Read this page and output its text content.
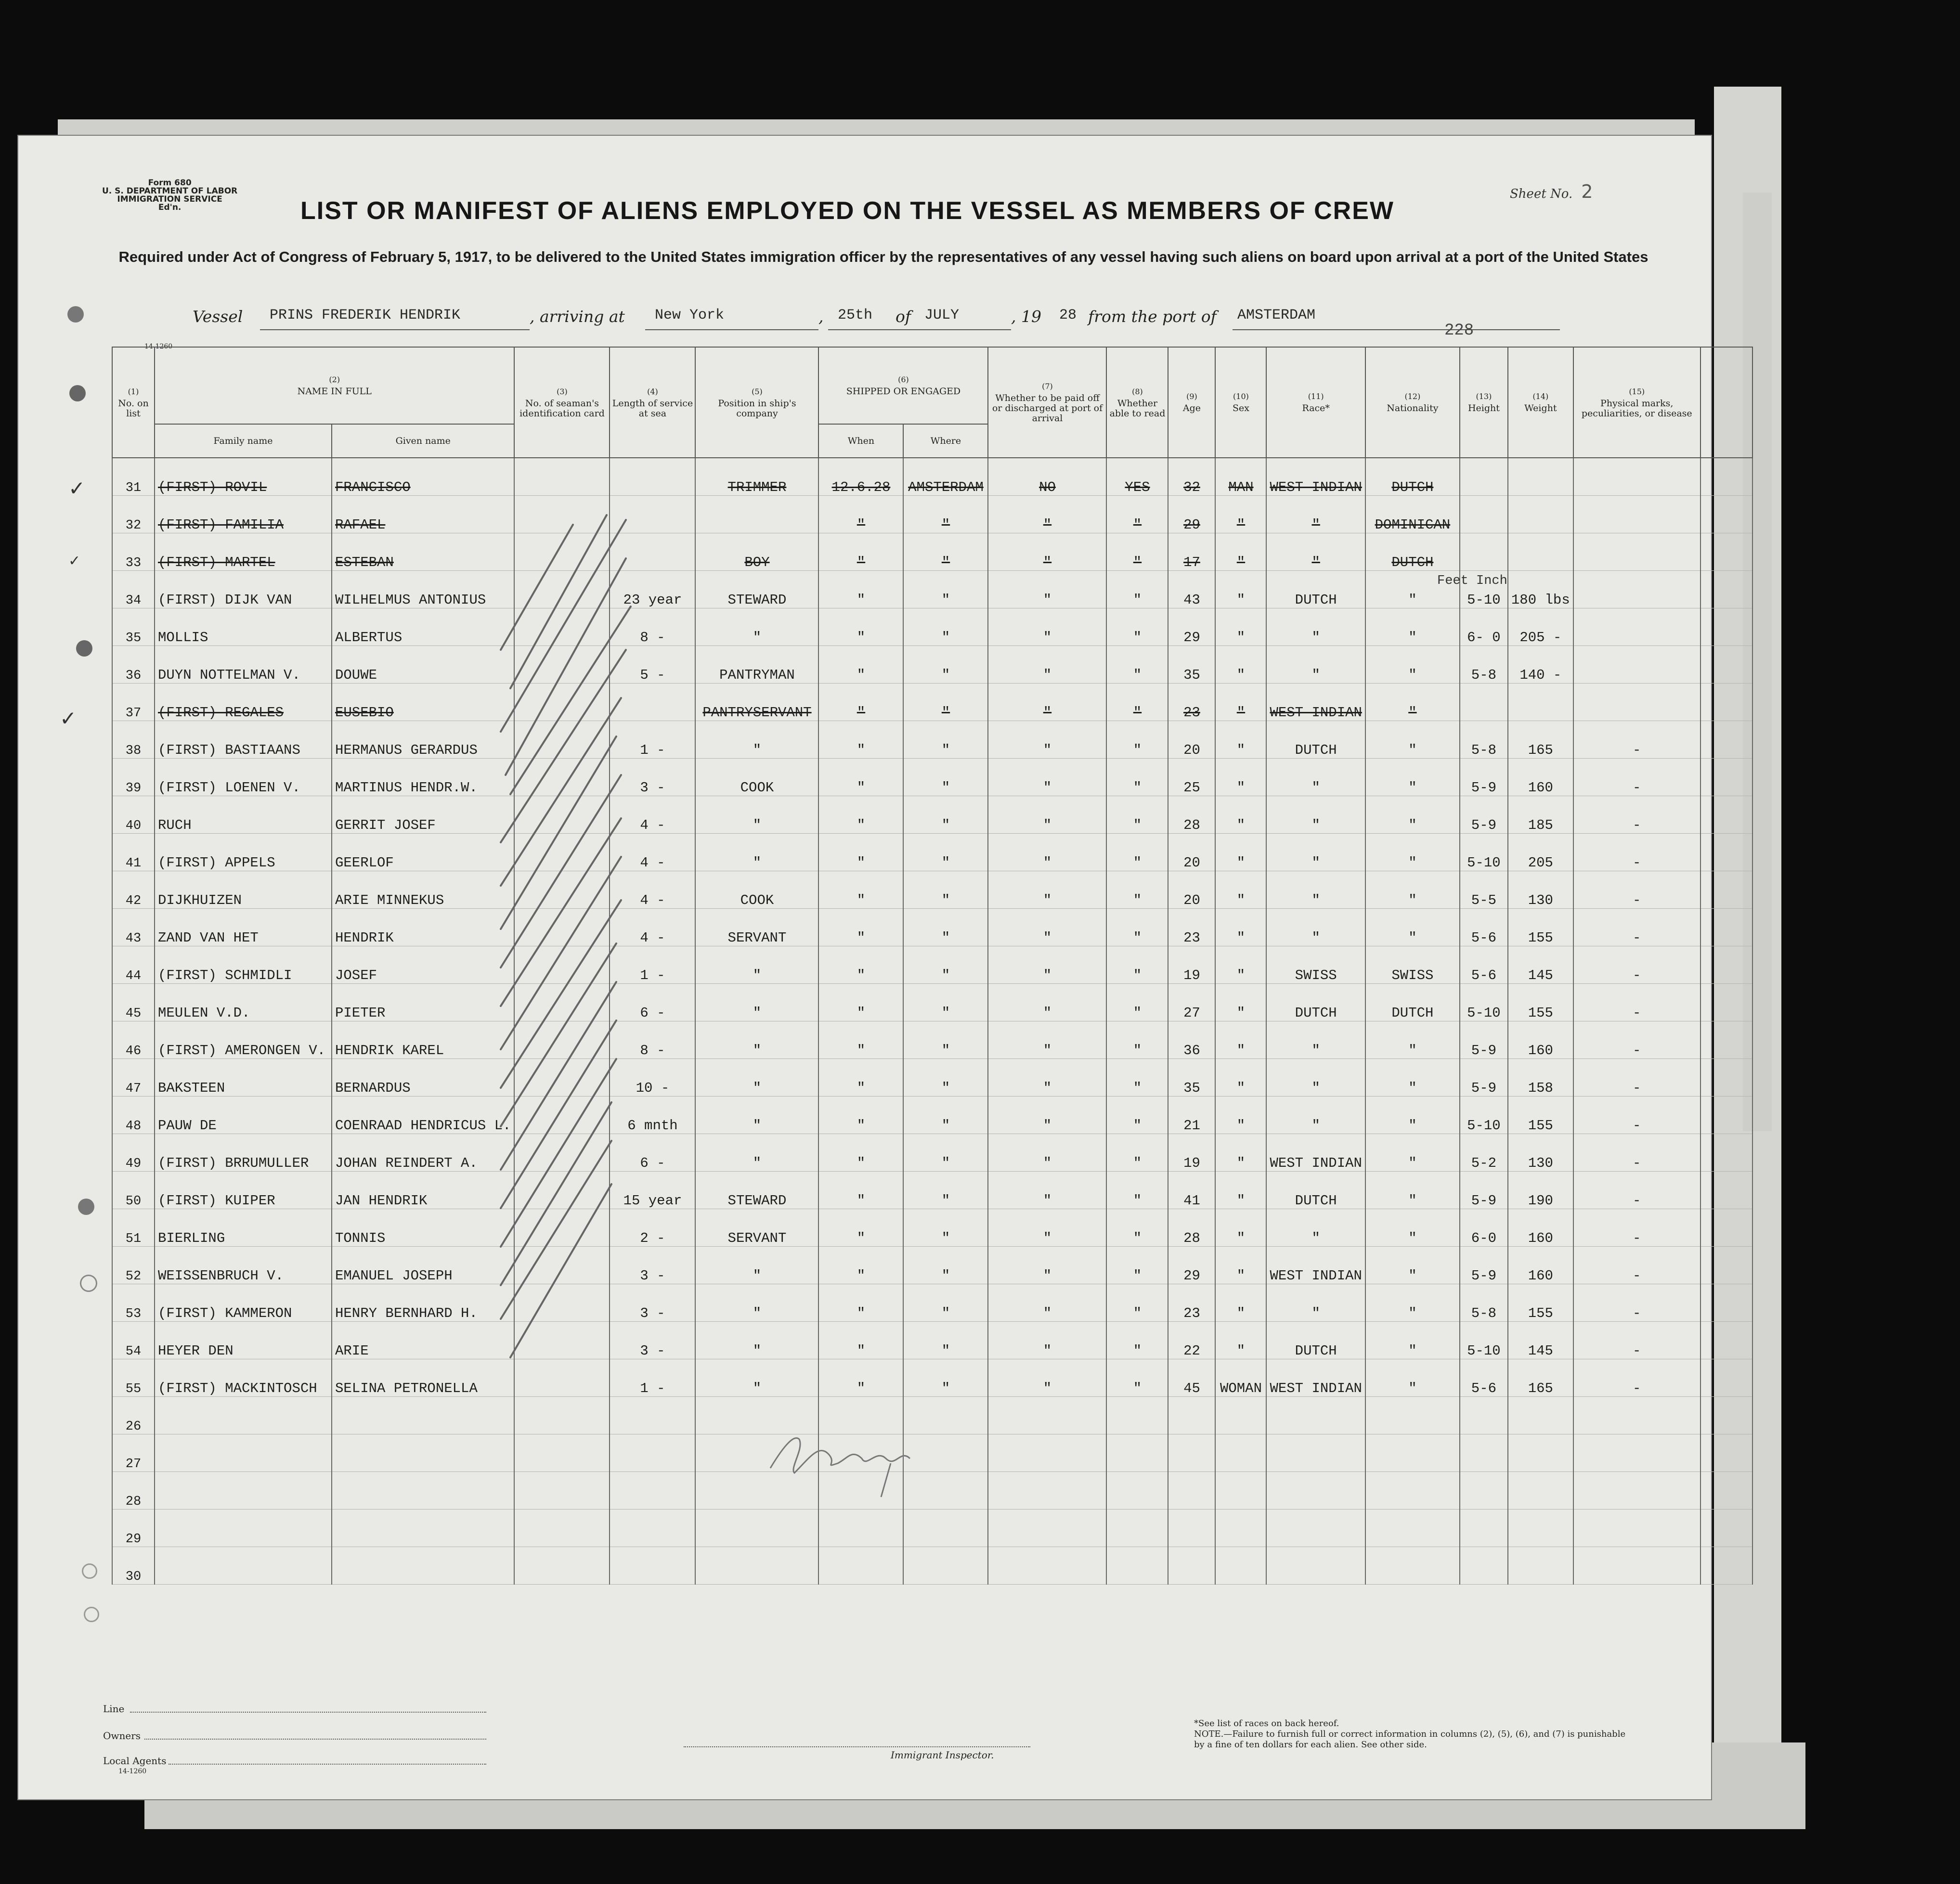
Form 680
U. S. DEPARTMENT OF LABOR
IMMIGRATION SERVICE
Ed'n.
Sheet No. 2
LIST OR MANIFEST OF ALIENS EMPLOYED ON THE VESSEL AS MEMBERS OF CREW
Required under Act of Congress of February 5, 1917, to be delivered to the United States immigration officer by the representatives of any vessel having such aliens on board upon arrival at a port of the United States
Vessel PRINS FREDERIK HENDRIK	, arriving at New York	, 25th of JULY	, 19 28 from the port of AMSTERDAM
228
14-1260
(1)
No. on list	(2)
NAME IN FULL		(3)
No. of seaman's identification card	(4)
Length of service at sea	(5)
Position in ship's company	(6)
SHIPPED OR ENGAGED		(7)
Whether to be paid off or discharged at port of arrival	(8)
Whether able to read	(9)
Age	(10)
Sex	(11)
Race*	(12)
Nationality	(13)
Height	(14)
Weight	(15)
Physical marks, peculiarities, or disease	
	Family name	Given name				When	Where										
31	(FIRST) ROVIL	FRANCISCO			TRIMMER	12.6.28	AMSTERDAM	NO	YES	32	MAN	WEST INDIAN	DUTCH				
32	(FIRST) FAMILIA	RAFAEL				"	"	"	"	29	"	"	DOMINICAN				
33	(FIRST) MARTEL	ESTEBAN			BOY	"	"	"	"	17	"	"	DUTCH				
34	(FIRST) DIJK VAN	WILHELMUS ANTONIUS		23 year	STEWARD	"	"	"	"	43	"	DUTCH	"	5-10	180 lbs		
35	MOLLIS	ALBERTUS		8 -	"	"	"	"	"	29	"	"	"	6- 0	205 -		
36	DUYN NOTTELMAN V.	DOUWE		5 -	PANTRYMAN	"	"	"	"	35	"	"	"	5-8	140 -		
37	(FIRST) REGALES	EUSEBIO			PANTRYSERVANT	"	"	"	"	23	"	WEST INDIAN	"				
38	(FIRST) BASTIAANS	HERMANUS GERARDUS		1 -	"	"	"	"	"	20	"	DUTCH	"	5-8	165	-	
39	(FIRST) LOENEN V.	MARTINUS HENDR.W.		3 -	COOK	"	"	"	"	25	"	"	"	5-9	160	-	
40	RUCH	GERRIT JOSEF		4 -	"	"	"	"	"	28	"	"	"	5-9	185	-	
41	(FIRST) APPELS	GEERLOF		4 -	"	"	"	"	"	20	"	"	"	5-10	205	-	
42	DIJKHUIZEN	ARIE MINNEKUS		4 -	COOK	"	"	"	"	20	"	"	"	5-5	130	-	
43	ZAND VAN HET	HENDRIK		4 -	SERVANT	"	"	"	"	23	"	"	"	5-6	155	-	
44	(FIRST) SCHMIDLI	JOSEF		1 -	"	"	"	"	"	19	"	SWISS	SWISS	5-6	145	-	
45	MEULEN V.D.	PIETER		6 -	"	"	"	"	"	27	"	DUTCH	DUTCH	5-10	155	-	
46	(FIRST) AMERONGEN V.	HENDRIK KAREL		8 -	"	"	"	"	"	36	"	"	"	5-9	160	-	
47	BAKSTEEN	BERNARDUS		10 -	"	"	"	"	"	35	"	"	"	5-9	158	-	
48	PAUW DE	COENRAAD HENDRICUS L.		6 mnth	"	"	"	"	"	21	"	"	"	5-10	155	-	
49	(FIRST) BRRUMULLER	JOHAN REINDERT A.		6 -	"	"	"	"	"	19	"	WEST INDIAN	"	5-2	130	-	
50	(FIRST) KUIPER	JAN HENDRIK		15 year	STEWARD	"	"	"	"	41	"	DUTCH	"	5-9	190	-	
51	BIERLING	TONNIS		2 -	SERVANT	"	"	"	"	28	"	"	"	6-0	160	-	
52	WEISSENBRUCH V.	EMANUEL JOSEPH		3 -	"	"	"	"	"	29	"	WEST INDIAN	"	5-9	160	-	
53	(FIRST) KAMMERON	HENRY BERNHARD H.		3 -	"	"	"	"	"	23	"	"	"	5-8	155	-	
54	HEYER DEN	ARIE		3 -	"	"	"	"	"	22	"	DUTCH	"	5-10	145	-	
55	(FIRST) MACKINTOSCH	SELINA PETRONELLA		1 -	"	"	"	"	"	45	WOMAN	WEST INDIAN	"	5-6	165	-	
26																	
27																	
28																	
29																	
30																	
Feet Inch
✓
✓
✓
Line
Owners
Local Agents
14-1260
Immigrant Inspector.
*See list of races on back hereof.
NOTE.—Failure to furnish full or correct information in columns (2), (5), (6), and (7) is punishable by a fine of ten dollars for each alien. See other side.
